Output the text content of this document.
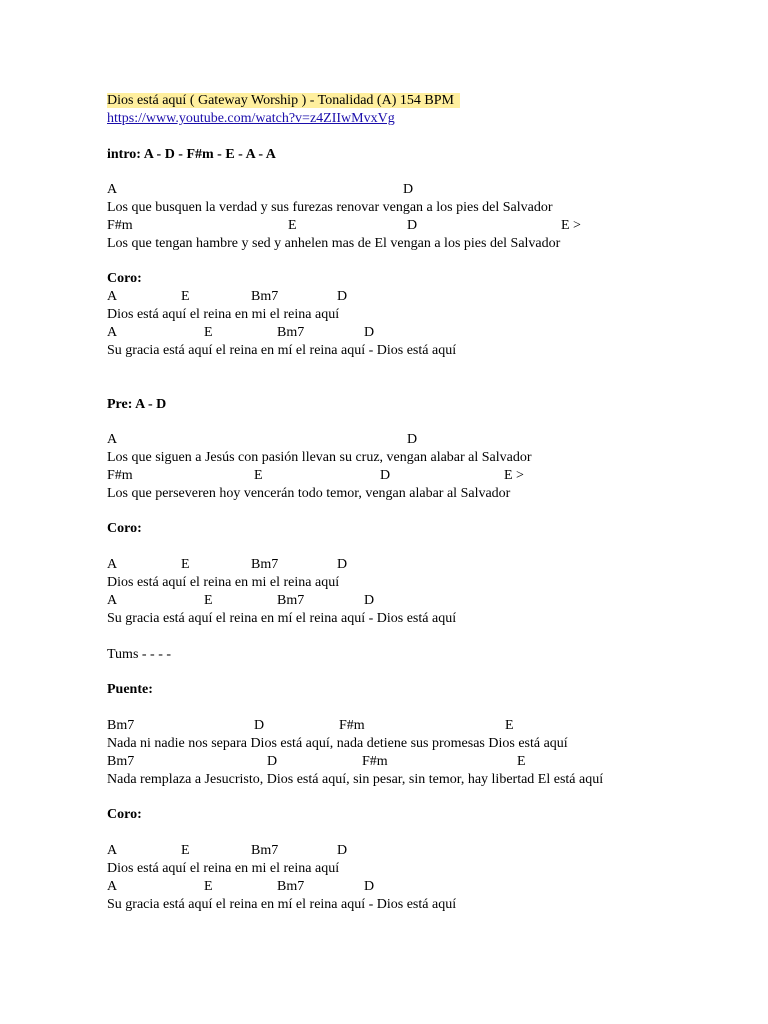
Dios está aquí ( Gateway Worship ) - Tonalidad (A) 154 BPM
https://www.youtube.com/watch?v=z4ZIIwMvxVg
intro: A - D - F#m - E - A - A

A

	D

Los que busquen la verdad y sus furezas renovar vengan a los pies del Salvador

F#m

	E

	D

	E >

Los que tengan hambre y sed y anhelen mas de El vengan a los pies del Salvador
Coro:

A

	E

	Bm7

	D

Dios está aquí el reina en mi el reina aquí

A

	E

	Bm7

	D

Su gracia está aquí el reina en mí el reina aquí - Dios está aquí
Pre: A - D

A

	D

Los que siguen a Jesús con pasión llevan su cruz, vengan alabar al Salvador

F#m

	E

	D

	E >

Los que perseveren hoy vencerán todo temor, vengan alabar al Salvador
Coro:

A

	E

	Bm7

	D

Dios está aquí el reina en mi el reina aquí

A

	E

	Bm7

	D

Su gracia está aquí el reina en mí el reina aquí - Dios está aquí
Tums - - - -
Puente:

Bm7

	D

	F#m

	E

Nada ni nadie nos separa Dios está aquí, nada detiene sus promesas Dios está aquí

Bm7

	D

	F#m

	E

Nada remplaza a Jesucristo, Dios está aquí, sin pesar, sin temor, hay libertad El está aquí
Coro:

A

	E

	Bm7

	D

Dios está aquí el reina en mi el reina aquí

A

	E

	Bm7

	D

Su gracia está aquí el reina en mí el reina aquí - Dios está aquí
